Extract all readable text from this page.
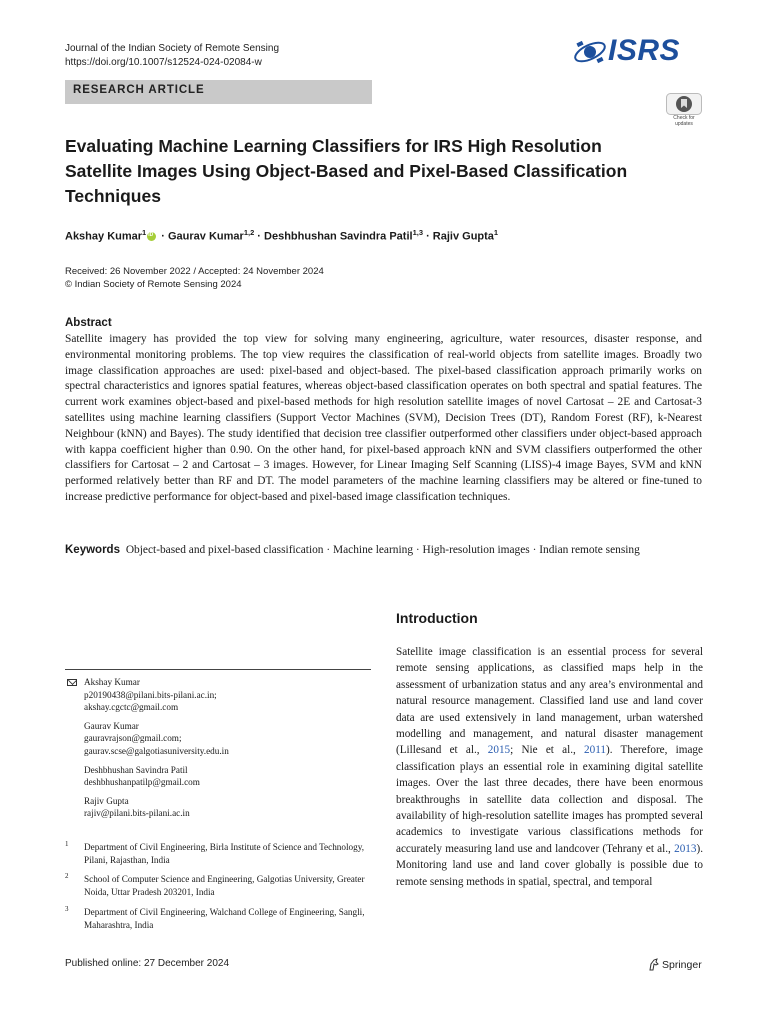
Journal of the Indian Society of Remote Sensing
https://doi.org/10.1007/s12524-024-02084-w	ISRS
RESEARCH ARTICLE
Check for updates
Evaluating Machine Learning Classifiers for IRS High Resolution Satellite Images Using Object-Based and Pixel-Based Classification Techniques
Akshay Kumar$^1$iD · Gaurav Kumar$^{1,2}$ · Deshbhushan Savindra Patil$^{1,3}$ · Rajiv Gupta$^1$
Received: 26 November 2022 / Accepted: 24 November 2024
© Indian Society of Remote Sensing 2024
Abstract
Satellite imagery has provided the top view for solving many engineering, agriculture, water resources, disaster response, and environmental monitoring problems. The top view requires the classification of real-world objects from satellite images. Broadly two image classification approaches are used: pixel-based and object-based. The pixel-based classification approach primarily works on spectral characteristics and ignores spatial features, whereas object-based classification operates on both spectral and spatial features. The current work examines object-based and pixel-based methods for high resolution satellite images of novel Cartosat – 2E and Cartosat-3 satellites using machine learning classifiers (Support Vector Machines (SVM), Decision Trees (DT), Random Forest (RF), k-Nearest Neighbour (kNN) and Bayes). The study identified that decision tree classifier outperformed other classifiers under object-based approach with kappa coefficient higher than 0.90. On the other hand, for pixel-based approach kNN and SVM classifiers outperformed the other classifiers for Cartosat – 2 and Cartosat – 3 images. However, for Linear Imaging Self Scanning (LISS)-4 image Bayes, SVM and kNN performed relatively better than RF and DT. The model parameters of the machine learning classifiers may be altered or fine-tuned to increase predictive performance for object-based and pixel-based image classification techniques.
Keywords Object-based and pixel-based classification · Machine learning · High-resolution images · Indian remote sensing
Introduction
Satellite image classification is an essential process for several remote sensing applications, as classified maps help in the assessment of urbanization status and any area’s environmental and natural resource management. Classified land use and land cover data are used extensively in land management, urban watershed modelling and management, and natural disaster management (Lillesand et al., 2015; Nie et al., 2011). Therefore, image classification plays an essential role in examining digital satellite images. Over the last three decades, there have been enormous breakthroughs in satellite data collection and disposal. The availability of high-resolution satellite images has prompted several academics to investigate various classifications methods for accurately measuring land use and landcover (Tehrany et al., 2013). Monitoring land use and land cover globally is possible due to remote sensing methods in spatial, spectral, and temporal
Akshay Kumar
p20190438@pilani.bits-pilani.ac.in;
akshay.cgctc@gmail.com
Gaurav Kumar
gauravrajson@gmail.com;
gaurav.scse@galgotiasuniversity.edu.in
Deshbhushan Savindra Patil
deshbhushanpatilp@gmail.com
Rajiv Gupta
rajiv@pilani.bits-pilani.ac.in
1 Department of Civil Engineering, Birla Institute of Science and Technology, Pilani, Rajasthan, India
2 School of Computer Science and Engineering, Galgotias University, Greater Noida, Uttar Pradesh 203201, India
3 Department of Civil Engineering, Walchand College of Engineering, Sangli, Maharashtra, India
Published online: 27 December 2024	Springer
